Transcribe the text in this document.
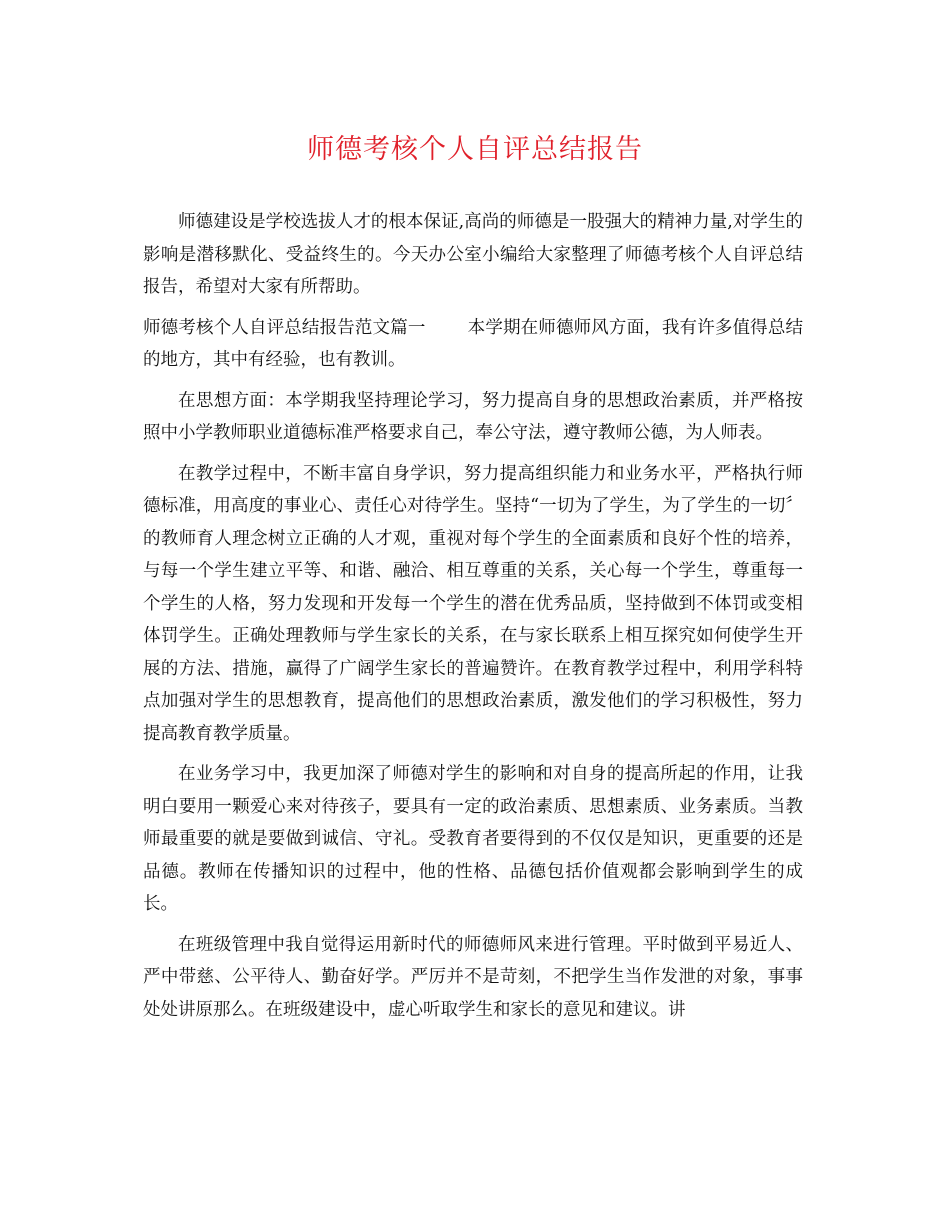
师德考核个人自评总结报告

师德建设是学校选拔人才的根本保证,高尚的师德是一股强大的精神力量,对学生的影响是潜移默化、受益终生的。今天办公室小编给大家整理了师德考核个人自评总结报告，希望对大家有所帮助。

师德考核个人自评总结报告范文篇一 本学期在师德师风方面，我有许多值得总结的地方，其中有经验，也有教训。

在思想方面：本学期我坚持理论学习，努力提高自身的思想政治素质，并严格按照中小学教师职业道德标准严格要求自己，奉公守法，遵守教师公德，为人师表。

在教学过程中，不断丰富自身学识，努力提高组织能力和业务水平，严格执行师德标准，用高度的事业心、责任心对待学生。坚持“一切为了学生，为了学生的一切〞的教师育人理念树立正确的人才观，重视对每个学生的全面素质和良好个性的培养，与每一个学生建立平等、和谐、融洽、相互尊重的关系，关心每一个学生，尊重每一个学生的人格，努力发现和开发每一个学生的潜在优秀品质，坚持做到不体罚或变相体罚学生。正确处理教师与学生家长的关系，在与家长联系上相互探究如何使学生开展的方法、措施，赢得了广阔学生家长的普遍赞许。在教育教学过程中，利用学科特点加强对学生的思想教育，提高他们的思想政治素质，激发他们的学习积极性，努力提高教育教学质量。

在业务学习中，我更加深了师德对学生的影响和对自身的提高所起的作用，让我明白要用一颗爱心来对待孩子，要具有一定的政治素质、思想素质、业务素质。当教师最重要的就是要做到诚信、守礼。受教育者要得到的不仅仅是知识，更重要的还是品德。教师在传播知识的过程中，他的性格、品德包括价值观都会影响到学生的成长。

在班级管理中我自觉得运用新时代的师德师风来进行管理。平时做到平易近人、严中带慈、公平待人、勤奋好学。严厉并不是苛刻，不把学生当作发泄的对象，事事处处讲原那么。在班级建设中，虚心听取学生和家长的意见和建议。讲
